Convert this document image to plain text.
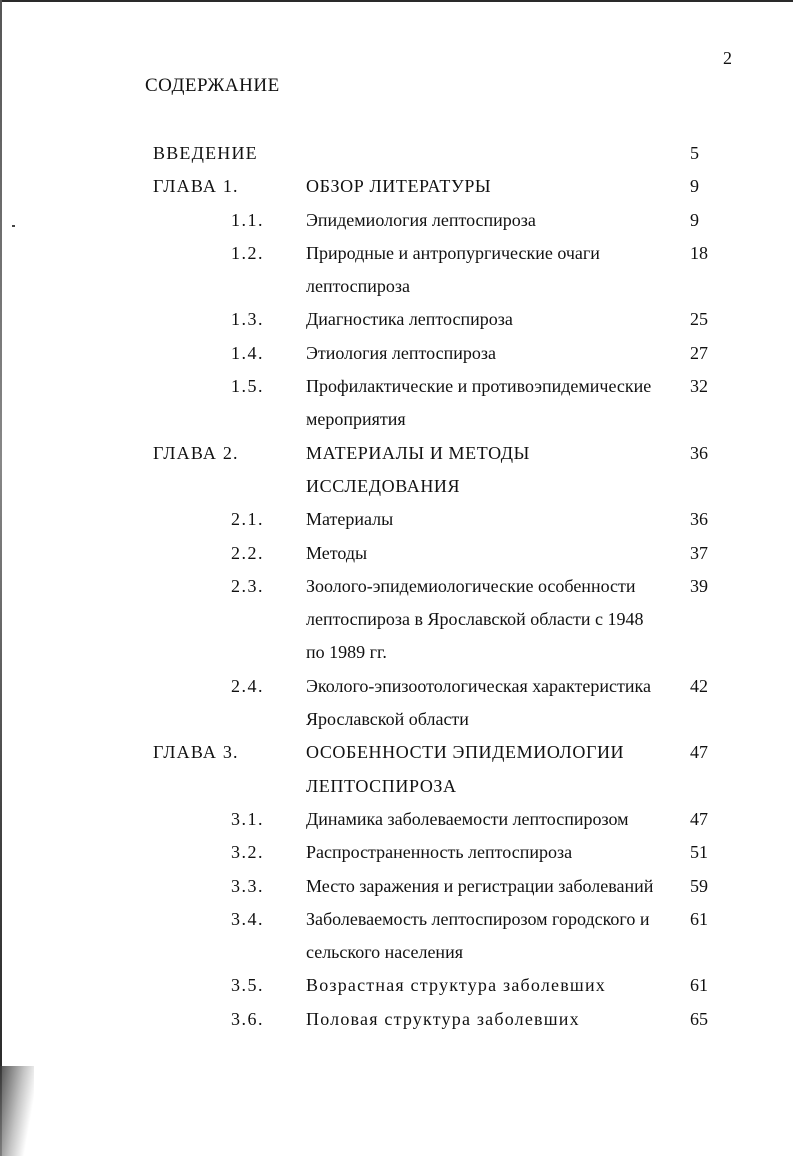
2
СОДЕРЖАНИЕ
ВВЕДЕНИЕ	5
ГЛАВА 1.	ОБЗОР ЛИТЕРАТУРЫ	9
1.1. Эпидемиология лептоспироза	9
1.2. Природные и антропургические очаги	18
лептоспироза
1.3. Диагностика лептоспироза	25
1.4. Этиология лептоспироза	27
1.5. Профилактические и противоэпидемические	32
мероприятия
ГЛАВА 2.	МАТЕРИАЛЫ И МЕТОДЫ	36
ИССЛЕДОВАНИЯ
2.1. Материалы	36
2.2. Методы	37
2.3. Зоолого-эпидемиологические особенности	39
лептоспироза в Ярославской области с 1948
по 1989 гг.
2.4. Эколого-эпизоотологическая характеристика	42
Ярославской области
ГЛАВА 3.	ОСОБЕННОСТИ ЭПИДЕМИОЛОГИИ	47
ЛЕПТОСПИРОЗА
3.1. Динамика заболеваемости лептоспирозом	47
3.2. Распространенность лептоспироза	51
3.3. Место заражения и регистрации заболеваний	59
3.4. Заболеваемость лептоспирозом городского и	61
сельского населения
3.5. Возрастная структура заболевших	61
3.6. Половая структура заболевших	65
